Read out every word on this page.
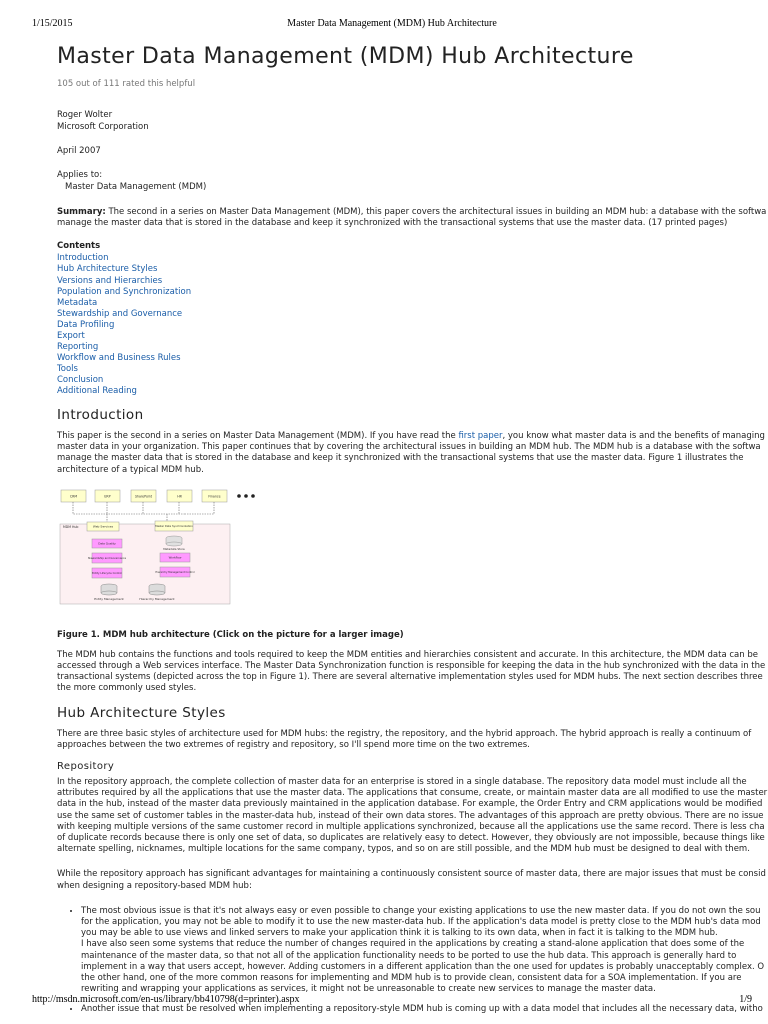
1/15/2015	Master Data Management (MDM) Hub Architecture
Master Data Management (MDM) Hub Architecture
105 out of 111 rated this helpful
Roger Wolter
Microsoft Corporation
April 2007
Applies to:
Master Data Management (MDM)

Summary: The second in a series on Master Data Management (MDM), this paper covers the architectural issues in building an MDM hub: a database with the softwa
manage the master data that is stored in the database and keep it synchronized with the transactional systems that use the master data. (17 printed pages)

Contents
Introduction
Hub Architecture Styles
Versions and Hierarchies
Population and Synchronization
Metadata
Stewardship and Governance
Data Profiling
Export
Reporting
Workflow and Business Rules
Tools
Conclusion
Additional Reading
Introduction

This paper is the second in a series on Master Data Management (MDM). If you have read the first paper, you know what master data is and the benefits of managing
master data in your organization. This paper continues that by covering the architectural issues in building an MDM hub. The MDM hub is a database with the softwa
manage the master data that is stored in the database and keep it synchronized with the transactional systems that use the master data. Figure 1 illustrates the
architecture of a typical MDM hub.

CRM	ERP	SharePoint	HR	Finance
MDM Hub	Web Services	Master Data Synchronization
Data Quality
Stewardship and Governance
Entity Lifecycle Control
Metadata Store
Workflow
Hierarchy Management Control
Entity Management	Hierarchy Management
Figure 1. MDM hub architecture (Click on the picture for a larger image)

The MDM hub contains the functions and tools required to keep the MDM entities and hierarchies consistent and accurate. In this architecture, the MDM data can be
accessed through a Web services interface. The Master Data Synchronization function is responsible for keeping the data in the hub synchronized with the data in the
transactional systems (depicted across the top in Figure 1). There are several alternative implementation styles used for MDM hubs. The next section describes three
the more commonly used styles.

Hub Architecture Styles

There are three basic styles of architecture used for MDM hubs: the registry, the repository, and the hybrid approach. The hybrid approach is really a continuum of
approaches between the two extremes of registry and repository, so I'll spend more time on the two extremes.

Repository

In the repository approach, the complete collection of master data for an enterprise is stored in a single database. The repository data model must include all the
attributes required by all the applications that use the master data. The applications that consume, create, or maintain master data are all modified to use the master
data in the hub, instead of the master data previously maintained in the application database. For example, the Order Entry and CRM applications would be modified
use the same set of customer tables in the master-data hub, instead of their own data stores. The advantages of this approach are pretty obvious. There are no issue
with keeping multiple versions of the same customer record in multiple applications synchronized, because all the applications use the same record. There is less cha
of duplicate records because there is only one set of data, so duplicates are relatively easy to detect. However, they obviously are not impossible, because things like
alternate spelling, nicknames, multiple locations for the same company, typos, and so on are still possible, and the MDM hub must be designed to deal with them.

While the repository approach has significant advantages for maintaining a continuously consistent source of master data, there are major issues that must be consid
when designing a repository-based MDM hub:

• The most obvious issue is that it's not always easy or even possible to change your existing applications to use the new master data. If you do not own the sou
for the application, you may not be able to modify it to use the new master-data hub. If the application's data model is pretty close to the MDM hub's data mod
you may be able to use views and linked servers to make your application think it is talking to its own data, when in fact it is talking to the MDM hub.
I have also seen some systems that reduce the number of changes required in the applications by creating a stand-alone application that does some of the
maintenance of the master data, so that not all of the application functionality needs to be ported to use the hub data. This approach is generally hard to
implement in a way that users accept, however. Adding customers in a different application than the one used for updates is probably unacceptably complex. O
the other hand, one of the more common reasons for implementing and MDM hub is to provide clean, consistent data for a SOA implementation. If you are
rewriting and wrapping your applications as services, it might not be unreasonable to create new services to manage the master data.
• Another issue that must be resolved when implementing a repository-style MDM hub is coming up with a data model that includes all the necessary data, witho
http://msdn.microsoft.com/en-us/library/bb410798(d=printer).aspx	1/9
